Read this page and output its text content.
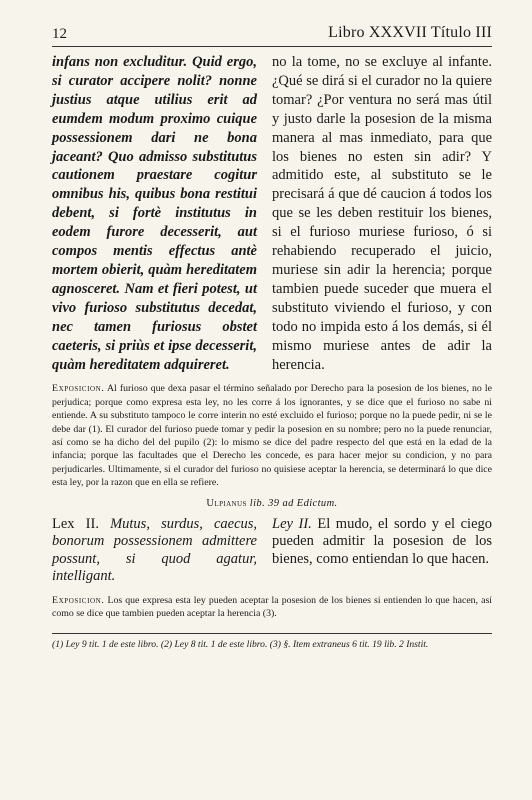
12	Libro XXXVII Título III

infans non excluditur. Quid ergo, si curator accipere nolit? nonne justius atque utilius erit ad eumdem modum proximo cuique possessionem dari ne bona jaceant? Quo admisso substitutus cautionem praestare cogitur omnibus his, quibus bona restitui debent, si fortè institutus in eodem furore decesserit, aut compos mentis effectus antè mortem obierit, quàm hereditatem agnosceret. Nam et fieri potest, ut vivo furioso substitutus decedat, nec tamen furiosus obstet caeteris, si priùs et ipse decesserit, quàm hereditatem adquireret.

no la tome, no se excluye al infante. ¿Qué se dirá si el curador no la quiere tomar? ¿Por ventura no será mas útil y justo darle la posesion de la misma manera al mas inmediato, para que los bienes no esten sin adir? Y admitido este, al substituto se le precisará á que dé caucion á todos los que se les deben restituir los bienes, si el furioso muriese furioso, ó si rehabiendo recuperado el juicio, muriese sin adir la herencia; porque tambien puede suceder que muera el substituto viviendo el furioso, y con todo no impida esto á los demás, si él mismo muriese antes de adir la herencia.

Exposicion. Al furioso que dexa pasar el término señalado por Derecho para la posesion de los bienes, no le perjudica; porque como expresa esta ley, no les corre á los ignorantes, y se dice que el furioso no sabe ni entiende. A su substituto tampoco le corre interin no esté excluido el furioso; porque no la puede pedir, ni se le debe dar (1). El curador del furioso puede tomar y pedir la posesion en su nombre; pero no la puede renunciar, así como se ha dicho del del pupilo (2): lo mismo se dice del padre respecto del que está en la edad de la infancia; porque las facultades que el Derecho les concede, es para hacer mejor su condicion, y no para perjudicarles. Ultimamente, si el curador del furioso no quisiese aceptar la herencia, se determinará lo que dice esta ley, por la razon que en ella se refiere.
Ulpianus lib. 39 ad Edictum.

Lex II. Mutus, surdus, caecus, bonorum possessionem admittere possunt, si quod agatur, intelligant.

Ley II. El mudo, el sordo y el ciego pueden admitir la posesion de los bienes, como entiendan lo que hacen.

Exposicion. Los que expresa esta ley pueden aceptar la posesion de los bienes si entienden lo que hacen, así como se dice que tambien pueden aceptar la herencia (3).
(1) Ley 9 tit. 1 de este libro. (2) Ley 8 tit. 1 de este libro. (3) §. Item extraneus 6 tit. 19 lib. 2 Instit.
